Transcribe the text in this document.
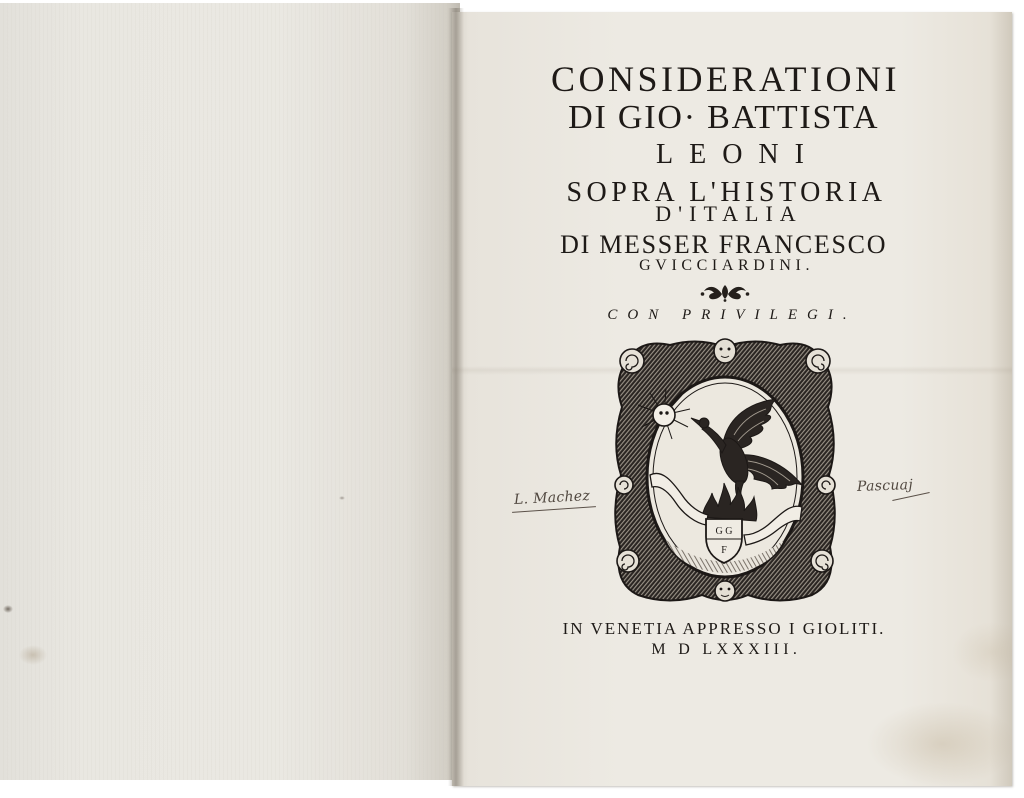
CONSIDERATIONI
DI GIO· BATTISTA
LEONI
SOPRA L'HISTORIA
D'ITALIA
DI MESSER FRANCESCO
GVICCIARDINI.
CON PRIVILEGI.
G G
F
L. Machez
Pascuaj
IN VENETIA APPRESSO I GIOLITI.
M D LXXXIII.
